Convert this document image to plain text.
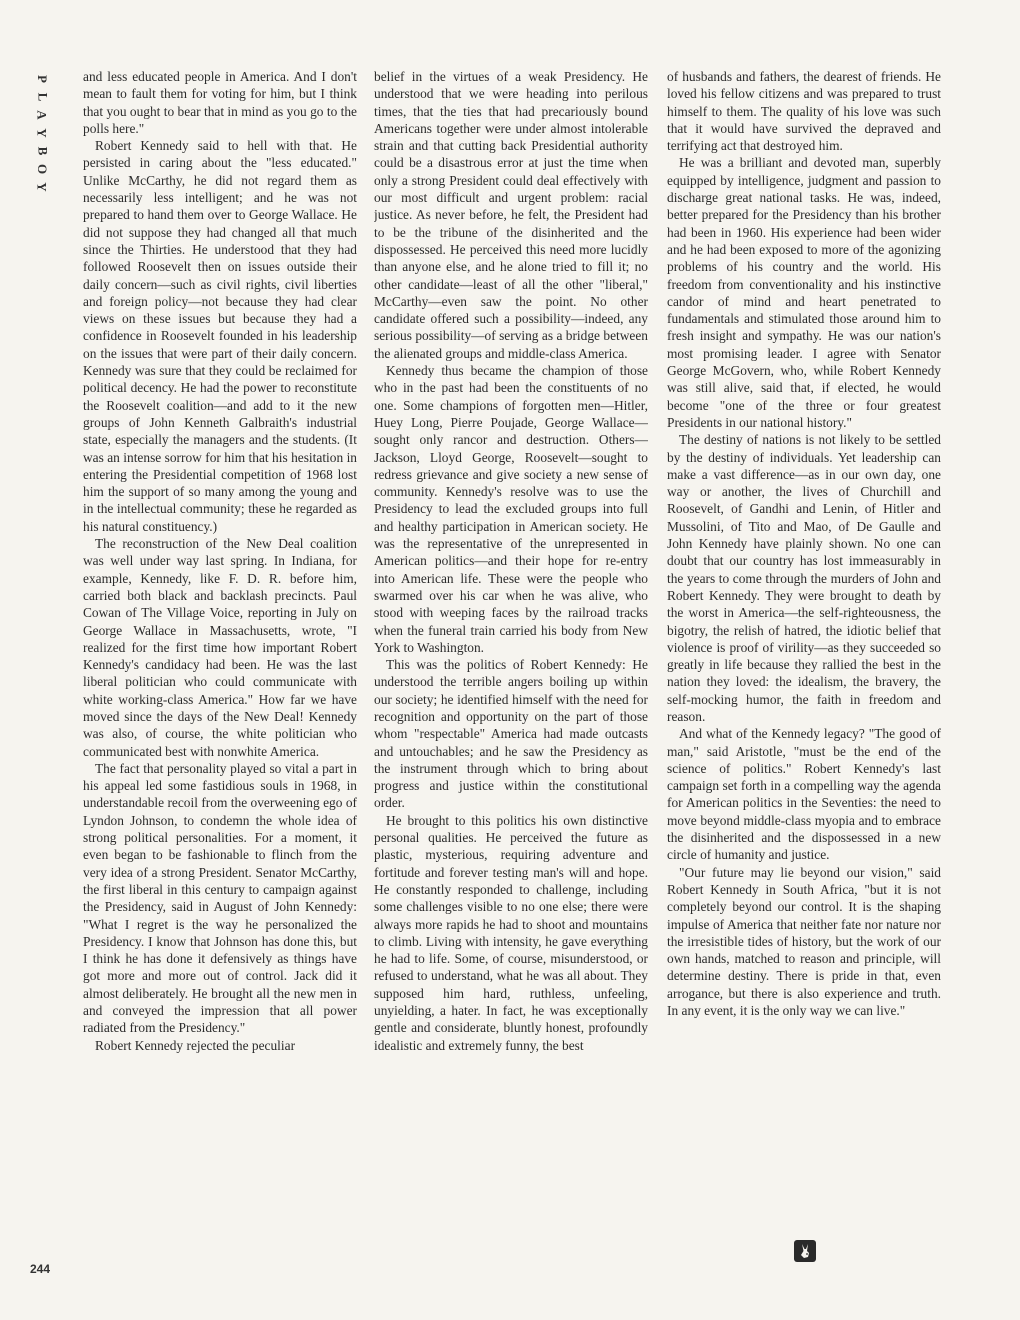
P
L
A
Y
B
O
Y

and less educated people in America. And I don't mean to fault them for voting for him, but I think that you ought to bear that in mind as you go to the polls here."

Robert Kennedy said to hell with that. He persisted in caring about the "less educated." Unlike McCarthy, he did not regard them as necessarily less intelligent; and he was not prepared to hand them over to George Wallace. He did not suppose they had changed all that much since the Thirties. He understood that they had followed Roosevelt then on issues outside their daily concern—such as civil rights, civil liberties and foreign policy—not because they had clear views on these issues but because they had a confidence in Roosevelt founded in his leadership on the issues that were part of their daily concern. Kennedy was sure that they could be reclaimed for political decency. He had the power to reconstitute the Roosevelt coalition—and add to it the new groups of John Kenneth Galbraith's industrial state, especially the managers and the students. (It was an intense sorrow for him that his hesitation in entering the Presidential competition of 1968 lost him the support of so many among the young and in the intellectual community; these he regarded as his natural constituency.)

The reconstruction of the New Deal coalition was well under way last spring. In Indiana, for example, Kennedy, like F. D. R. before him, carried both black and backlash precincts. Paul Cowan of The Village Voice, reporting in July on George Wallace in Massachusetts, wrote, "I realized for the first time how important Robert Kennedy's candidacy had been. He was the last liberal politician who could communicate with white working-class America." How far we have moved since the days of the New Deal! Kennedy was also, of course, the white politician who communicated best with nonwhite America.

The fact that personality played so vital a part in his appeal led some fastidious souls in 1968, in understandable recoil from the overweening ego of Lyndon Johnson, to condemn the whole idea of strong political personalities. For a moment, it even began to be fashionable to flinch from the very idea of a strong President. Senator McCarthy, the first liberal in this century to campaign against the Presidency, said in August of John Kennedy: "What I regret is the way he personalized the Presidency. I know that Johnson has done this, but I think he has done it defensively as things have got more and more out of control. Jack did it almost deliberately. He brought all the new men in and conveyed the impression that all power radiated from the Presidency."

Robert Kennedy rejected the peculiar

belief in the virtues of a weak Presidency. He understood that we were heading into perilous times, that the ties that had precariously bound Americans together were under almost intolerable strain and that cutting back Presidential authority could be a disastrous error at just the time when only a strong President could deal effectively with our most difficult and urgent problem: racial justice. As never before, he felt, the President had to be the tribune of the disinherited and the dispossessed. He perceived this need more lucidly than anyone else, and he alone tried to fill it; no other candidate—least of all the other "liberal," McCarthy—even saw the point. No other candidate offered such a possibility—indeed, any serious possibility—of serving as a bridge between the alienated groups and middle-class America.

Kennedy thus became the champion of those who in the past had been the constituents of no one. Some champions of forgotten men—Hitler, Huey Long, Pierre Poujade, George Wallace—sought only rancor and destruction. Others—Jackson, Lloyd George, Roosevelt—sought to redress grievance and give society a new sense of community. Kennedy's resolve was to use the Presidency to lead the excluded groups into full and healthy participation in American society. He was the representative of the unrepresented in American politics—and their hope for re-entry into American life. These were the people who swarmed over his car when he was alive, who stood with weeping faces by the railroad tracks when the funeral train carried his body from New York to Washington.

This was the politics of Robert Kennedy: He understood the terrible angers boiling up within our society; he identified himself with the need for recognition and opportunity on the part of those whom "respectable" America had made outcasts and untouchables; and he saw the Presidency as the instrument through which to bring about progress and justice within the constitutional order.

He brought to this politics his own distinctive personal qualities. He perceived the future as plastic, mysterious, requiring adventure and fortitude and forever testing man's will and hope. He constantly responded to challenge, including some challenges visible to no one else; there were always more rapids he had to shoot and mountains to climb. Living with intensity, he gave everything he had to life. Some, of course, misunderstood, or refused to understand, what he was all about. They supposed him hard, ruthless, unfeeling, unyielding, a hater. In fact, he was exceptionally gentle and considerate, bluntly honest, profoundly idealistic and extremely funny, the best

of husbands and fathers, the dearest of friends. He loved his fellow citizens and was prepared to trust himself to them. The quality of his love was such that it would have survived the depraved and terrifying act that destroyed him.

He was a brilliant and devoted man, superbly equipped by intelligence, judgment and passion to discharge great national tasks. He was, indeed, better prepared for the Presidency than his brother had been in 1960. His experience had been wider and he had been exposed to more of the agonizing problems of his country and the world. His freedom from conventionality and his instinctive candor of mind and heart penetrated to fundamentals and stimulated those around him to fresh insight and sympathy. He was our nation's most promising leader. I agree with Senator George McGovern, who, while Robert Kennedy was still alive, said that, if elected, he would become "one of the three or four greatest Presidents in our national history."

The destiny of nations is not likely to be settled by the destiny of individuals. Yet leadership can make a vast difference—as in our own day, one way or another, the lives of Churchill and Roosevelt, of Gandhi and Lenin, of Hitler and Mussolini, of Tito and Mao, of De Gaulle and John Kennedy have plainly shown. No one can doubt that our country has lost immeasurably in the years to come through the murders of John and Robert Kennedy. They were brought to death by the worst in America—the self-righteousness, the bigotry, the relish of hatred, the idiotic belief that violence is proof of virility—as they succeeded so greatly in life because they rallied the best in the nation they loved: the idealism, the bravery, the self-mocking humor, the faith in freedom and reason.

And what of the Kennedy legacy? "The good of man," said Aristotle, "must be the end of the science of politics." Robert Kennedy's last campaign set forth in a compelling way the agenda for American politics in the Seventies: the need to move beyond middle-class myopia and to embrace the disinherited and the dispossessed in a new circle of humanity and justice.

"Our future may lie beyond our vision," said Robert Kennedy in South Africa, "but it is not completely beyond our control. It is the shaping impulse of America that neither fate nor nature nor the irresistible tides of history, but the work of our own hands, matched to reason and principle, will determine destiny. There is pride in that, even arrogance, but there is also experience and truth. In any event, it is the only way we can live."

244
